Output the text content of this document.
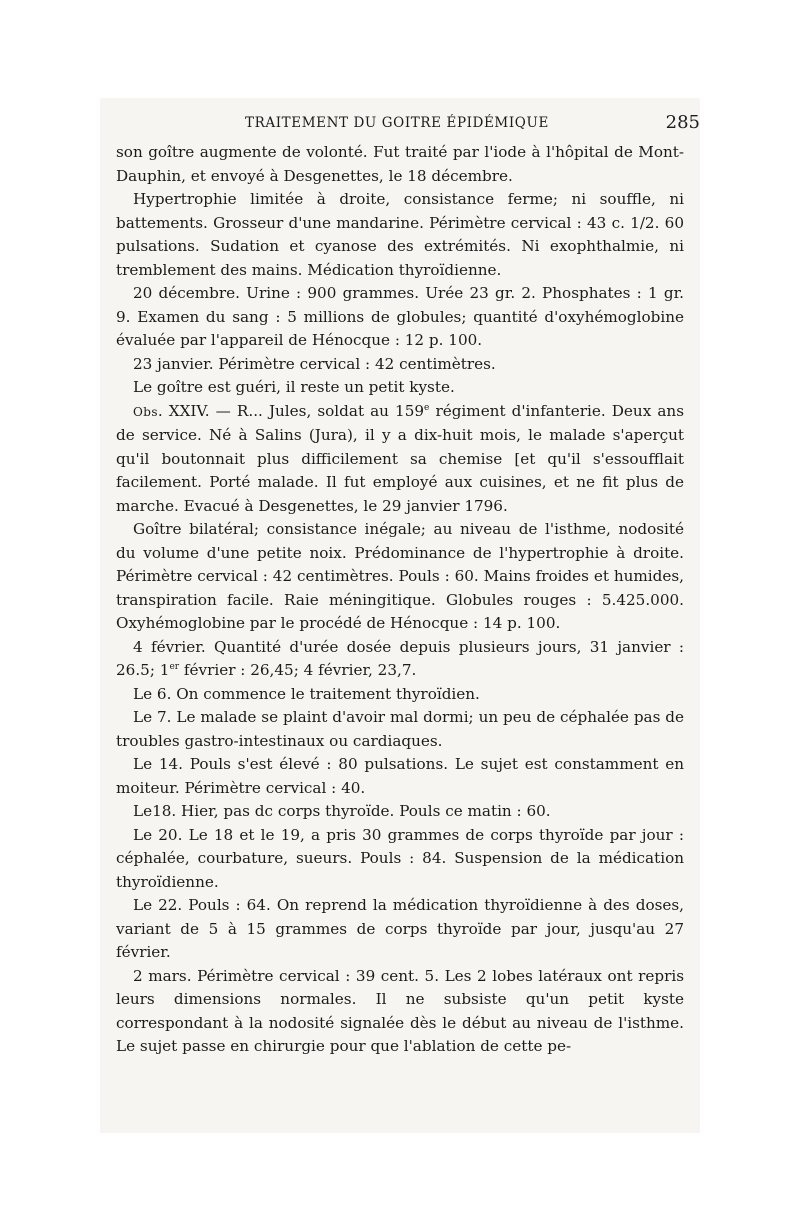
TRAITEMENT DU GOITRE ÉPIDÉMIQUE	285

son goître augmente de volonté. Fut traité par l'iode à l'hôpital de Mont-Dauphin, et envoyé à Desgenettes, le 18 décembre.

Hypertrophie limitée à droite, consistance ferme; ni souffle, ni battements. Grosseur d'une mandarine. Périmètre cervical : 43 c. 1/2. 60 pulsations. Sudation et cyanose des extrémités. Ni exophthalmie, ni tremblement des mains. Médication thyroïdienne.

20 décembre. Urine : 900 grammes. Urée 23 gr. 2. Phosphates : 1 gr. 9. Examen du sang : 5 millions de globules; quantité d'oxyhémoglobine évaluée par l'appareil de Hénocque : 12 p. 100.

23 janvier. Périmètre cervical : 42 centimètres.

Le goître est guéri, il reste un petit kyste.

Obs. XXIV. — R... Jules, soldat au 159e régiment d'infanterie. Deux ans de service. Né à Salins (Jura), il y a dix-huit mois, le malade s'aperçut qu'il boutonnait plus difficilement sa chemise [et qu'il s'essoufflait facilement. Porté malade. Il fut employé aux cuisines, et ne fit plus de marche. Evacué à Desgenettes, le 29 janvier 1796.

Goître bilatéral; consistance inégale; au niveau de l'isthme, nodosité du volume d'une petite noix. Prédominance de l'hypertrophie à droite. Périmètre cervical : 42 centimètres. Pouls : 60. Mains froides et humides, transpiration facile. Raie méningitique. Globules rouges : 5.425.000. Oxyhémoglobine par le procédé de Hénocque : 14 p. 100.

4 février. Quantité d'urée dosée depuis plusieurs jours, 31 janvier : 26.5; 1er février : 26,45; 4 février, 23,7.

Le 6. On commence le traitement thyroïdien.

Le 7. Le malade se plaint d'avoir mal dormi; un peu de céphalée pas de troubles gastro-intestinaux ou cardiaques.

Le 14. Pouls s'est élevé : 80 pulsations. Le sujet est constamment en moiteur. Périmètre cervical : 40.

Le18. Hier, pas dc corps thyroïde. Pouls ce matin : 60.

Le 20. Le 18 et le 19, a pris 30 grammes de corps thyroïde par jour : céphalée, courbature, sueurs. Pouls : 84. Suspension de la médication thyroïdienne.

Le 22. Pouls : 64. On reprend la médication thyroïdienne à des doses, variant de 5 à 15 grammes de corps thyroïde par jour, jusqu'au 27 février.

2 mars. Périmètre cervical : 39 cent. 5. Les 2 lobes latéraux ont repris leurs dimensions normales. Il ne subsiste qu'un petit kyste correspondant à la nodosité signalée dès le début au niveau de l'isthme. Le sujet passe en chirurgie pour que l'ablation de cette pe-
